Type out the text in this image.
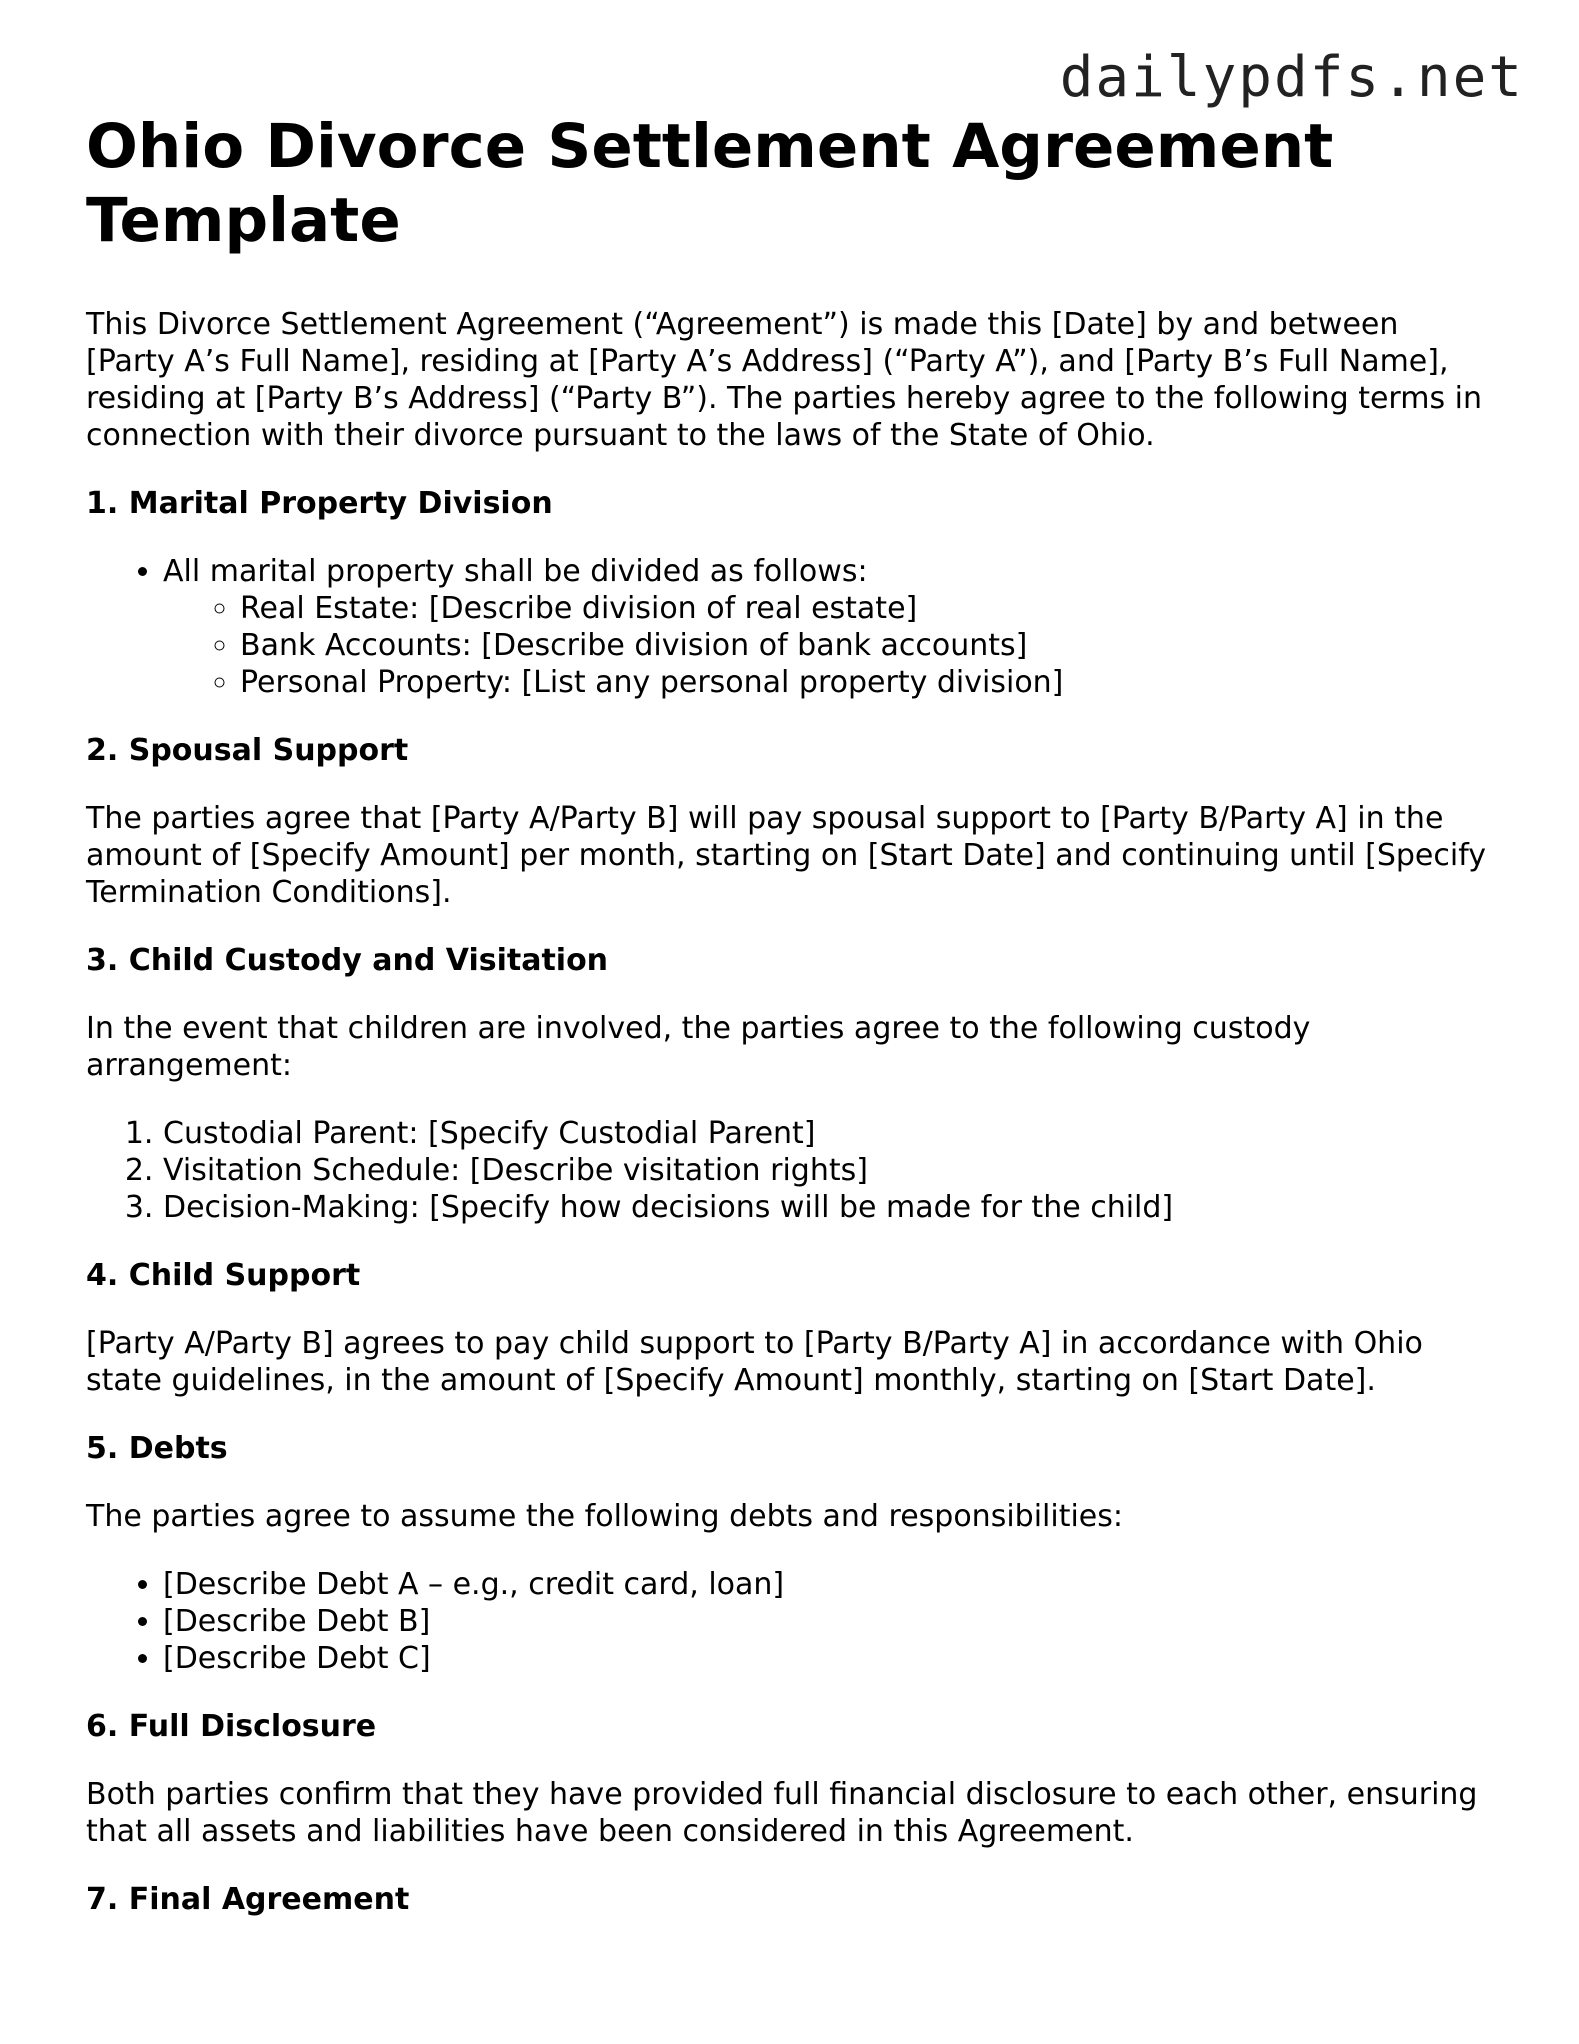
dailypdfs.net
Ohio Divorce Settlement Agreement Template

This Divorce Settlement Agreement (“Agreement”) is made this [Date] by and between [Party A’s Full Name], residing at [Party A’s Address] (“Party A”), and [Party B’s Full Name], residing at [Party B’s Address] (“Party B”). The parties hereby agree to the following terms in connection with their divorce pursuant to the laws of the State of Ohio.

1. Marital Property Division
• All marital property shall be divided as follows:
◦ Real Estate: [Describe division of real estate]
◦ Bank Accounts: [Describe division of bank accounts]
◦ Personal Property: [List any personal property division]
2. Spousal Support

The parties agree that [Party A/Party B] will pay spousal support to [Party B/Party A] in the amount of [Specify Amount] per month, starting on [Start Date] and continuing until [Specify Termination Conditions].

3. Child Custody and Visitation

In the event that children are involved, the parties agree to the following custody arrangement:

1. Custodial Parent: [Specify Custodial Parent]
2. Visitation Schedule: [Describe visitation rights]
3. Decision-Making: [Specify how decisions will be made for the child]
4. Child Support

[Party A/Party B] agrees to pay child support to [Party B/Party A] in accordance with Ohio state guidelines, in the amount of [Specify Amount] monthly, starting on [Start Date].

5. Debts

The parties agree to assume the following debts and responsibilities:

• [Describe Debt A – e.g., credit card, loan]
• [Describe Debt B]
• [Describe Debt C]
6. Full Disclosure

Both parties confirm that they have provided full financial disclosure to each other, ensuring that all assets and liabilities have been considered in this Agreement.

7. Final Agreement
